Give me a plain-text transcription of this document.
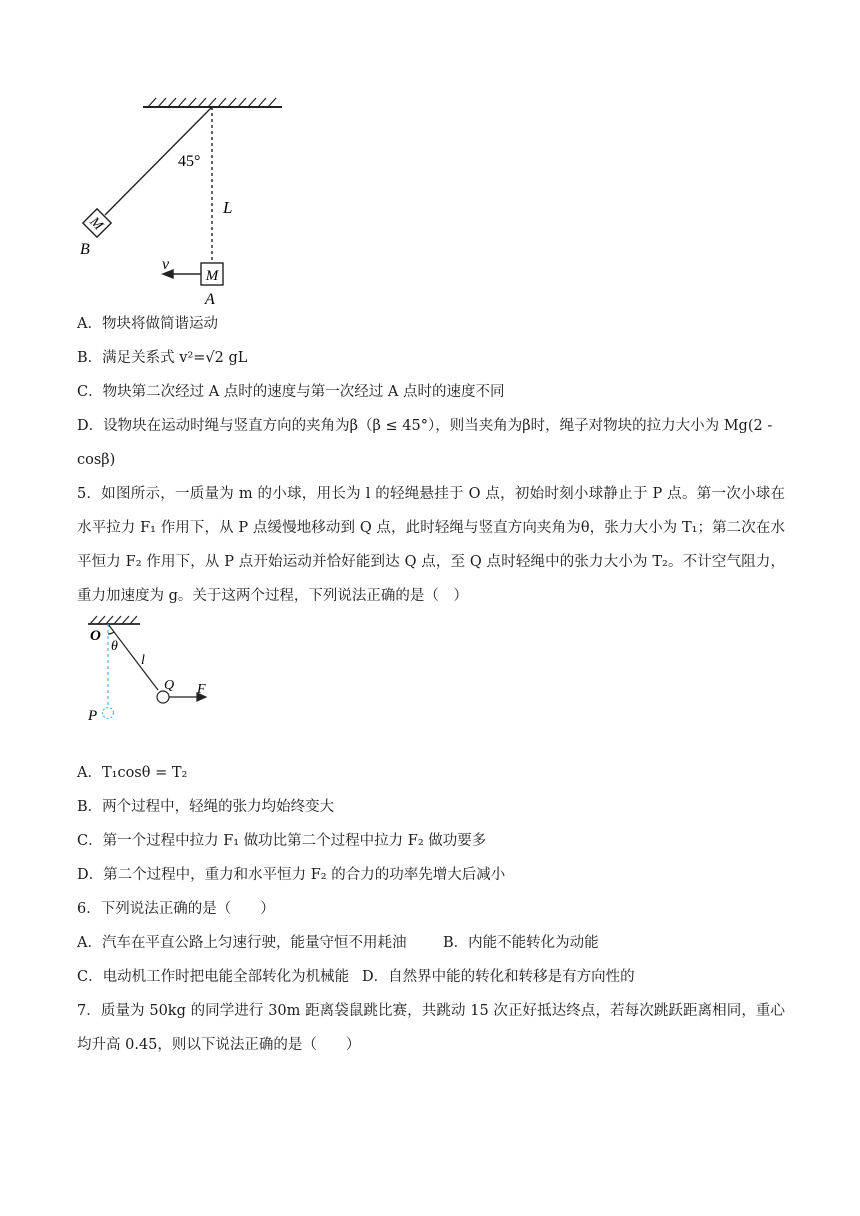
45°
L
v
M
M
A
B
A．物块将做简谐运动
B．满足关系式 v²=√2 gL
C．物块第二次经过 A 点时的速度与第一次经过 A 点时的速度不同
D．设物块在运动时绳与竖直方向的夹角为β（β ≤ 45°），则当夹角为β时，绳子对物块的拉力大小为 Mg(2 -
cosβ)
5．如图所示，一质量为 m 的小球，用长为 l 的轻绳悬挂于 O 点，初始时刻小球静止于 P 点。第一次小球在水平拉力 F₁ 作用下，从 P 点缓慢地移动到 Q 点，此时轻绳与竖直方向夹角为θ，张力大小为 T₁；第二次在水平恒力 F₂ 作用下，从 P 点开始运动并恰好能到达 Q 点，至 Q 点时轻绳中的张力大小为 T₂。不计空气阻力，重力加速度为 g。关于这两个过程，下列说法正确的是（　）
O
θ
l
Q F
P
A．T₁cosθ = T₂
B．两个过程中，轻绳的张力均始终变大
C．第一个过程中拉力 F₁ 做功比第二个过程中拉力 F₂ 做功要多
D．第二个过程中，重力和水平恒力 F₂ 的合力的功率先增大后减小
6．下列说法正确的是（　　）
A．汽车在平直公路上匀速行驶，能量守恒不用耗油	B．内能不能转化为动能
C．电动机工作时把电能全部转化为机械能 D．自然界中能的转化和转移是有方向性的
7．质量为 50kg 的同学进行 30m 距离袋鼠跳比赛，共跳动 15 次正好抵达终点，若每次跳跃距离相同，重心均升高 0.45，则以下说法正确的是（　　）
